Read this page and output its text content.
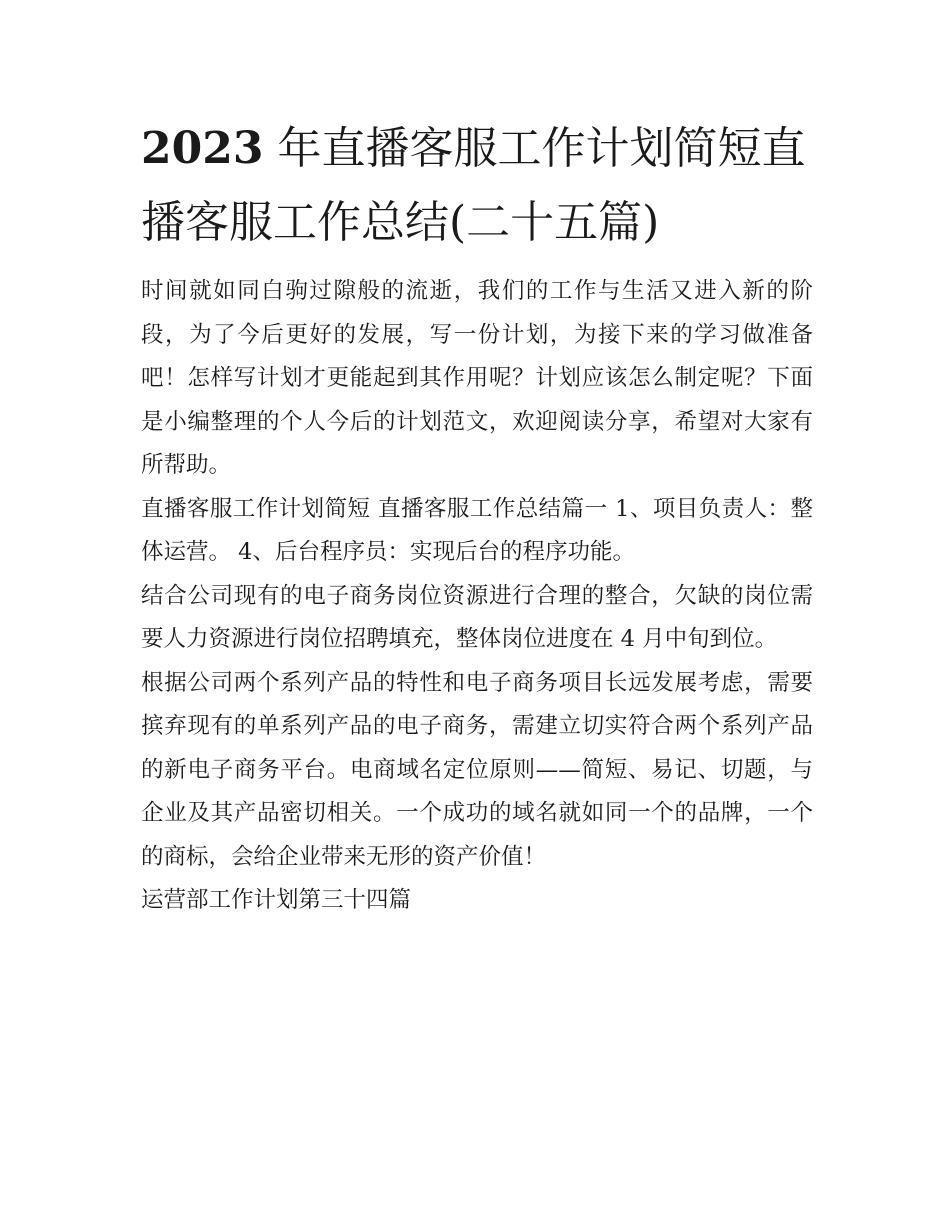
2023 年直播客服工作计划简短直播客服工作总结(二十五篇)

时间就如同白驹过隙般的流逝，我们的工作与生活又进入新的阶段，为了今后更好的发展，写一份计划，为接下来的学习做准备吧！怎样写计划才更能起到其作用呢？计划应该怎么制定呢？下面是小编整理的个人今后的计划范文，欢迎阅读分享，希望对大家有所帮助。

直播客服工作计划简短 直播客服工作总结篇一 1、项目负责人：整体运营。 4、后台程序员：实现后台的程序功能。

结合公司现有的电子商务岗位资源进行合理的整合，欠缺的岗位需要人力资源进行岗位招聘填充，整体岗位进度在 4 月中旬到位。

根据公司两个系列产品的特性和电子商务项目长远发展考虑，需要摈弃现有的单系列产品的电子商务，需建立切实符合两个系列产品的新电子商务平台。电商域名定位原则——简短、易记、切题，与企业及其产品密切相关。一个成功的域名就如同一个的品牌，一个的商标，会给企业带来无形的资产价值！

运营部工作计划第三十四篇
